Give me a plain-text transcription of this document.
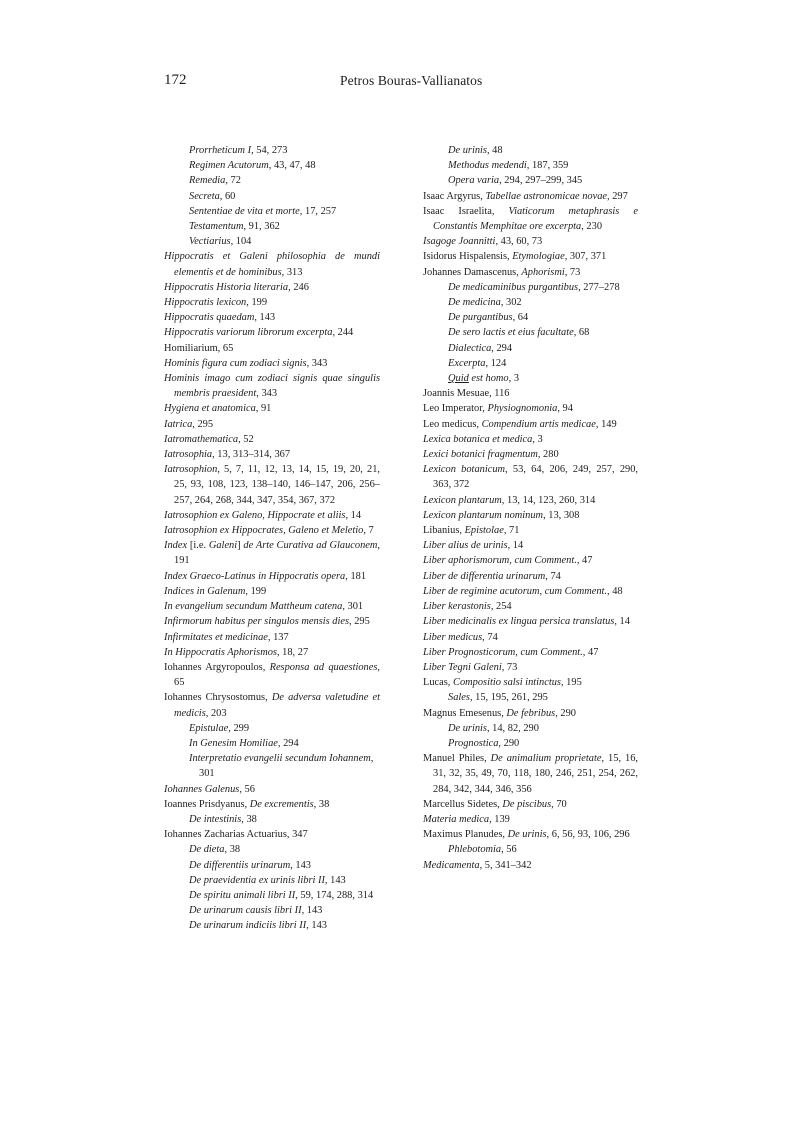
172	Petros Bouras-Vallianatos
Prorrheticum I, 54, 273
Regimen Acutorum, 43, 47, 48
Remedia, 72
Secreta, 60
Sententiae de vita et morte, 17, 257
Testamentum, 91, 362
Vectiarius, 104
Hippocratis et Galeni philosophia de mundi elementis et de hominibus, 313
Hippocratis Historia literaria, 246
Hippocratis lexicon, 199
Hippocratis quaedam, 143
Hippocratis variorum librorum excerpta, 244
Homiliarium, 65
Hominis figura cum zodiaci signis, 343
Hominis imago cum zodiaci signis quae singulis membris praesident, 343
Hygiena et anatomica, 91
Iatrica, 295
Iatromathematica, 52
Iatrosophia, 13, 313–314, 367
Iatrosophion, 5, 7, 11, 12, 13, 14, 15, 19, 20, 21, 25, 93, 108, 123, 138–140, 146–147, 206, 256–257, 264, 268, 344, 347, 354, 367, 372
Iatrosophion ex Galeno, Hippocrate et aliis, 14
Iatrosophion ex Hippocrates, Galeno et Meletio, 7
Index [i.e. Galeni] de Arte Curativa ad Glauconem, 191
Index Graeco-Latinus in Hippocratis opera, 181
Indices in Galenum, 199
In evangelium secundum Mattheum catena, 301
Infirmorum habitus per singulos mensis dies, 295
Infirmitates et medicinae, 137
In Hippocratis Aphorismos, 18, 27
Iohannes Argyropoulos, Responsa ad quaestiones, 65
Iohannes Chrysostomus, De adversa valetudine et medicis, 203
Epistulae, 299
In Genesim Homiliae, 294
Interpretatio evangelii secundum Iohannem, 301
Iohannes Galenus, 56
Ioannes Prisdyanus, De excrementis, 38
De intestinis, 38
Iohannes Zacharias Actuarius, 347
De dieta, 38
De differentiis urinarum, 143
De praevidentia ex urinis libri II, 143
De spiritu animali libri II, 59, 174, 288, 314
De urinarum causis libri II, 143
De urinarum indiciis libri II, 143
De urinis, 48
Methodus medendi, 187, 359
Opera varia, 294, 297–299, 345
Isaac Argyrus, Tabellae astronomicae novae, 297
Isaac Israelita, Viaticorum metaphrasis e Constantis Memphitae ore excerpta, 230
Isagoge Joannitti, 43, 60, 73
Isidorus Hispalensis, Etymologiae, 307, 371
Johannes Damascenus, Aphorismi, 73
De medicaminibus purgantibus, 277–278
De medicina, 302
De purgantibus, 64
De sero lactis et eius facultate, 68
Dialectica, 294
Excerpta, 124
Quid est homo, 3
Joannis Mesuae, 116
Leo Imperator, Physiognomonia, 94
Leo medicus, Compendium artis medicae, 149
Lexica botanica et medica, 3
Lexici botanici fragmentum, 280
Lexicon botanicum, 53, 64, 206, 249, 257, 290, 363, 372
Lexicon plantarum, 13, 14, 123, 260, 314
Lexicon plantarum nominum, 13, 308
Libanius, Epistolae, 71
Liber alius de urinis, 14
Liber aphorismorum, cum Comment., 47
Liber de differentia urinarum, 74
Liber de regimine acutorum, cum Comment., 48
Liber kerastonis, 254
Liber medicinalis ex lingua persica translatus, 14
Liber medicus, 74
Liber Prognosticorum, cum Comment., 47
Liber Tegni Galeni, 73
Lucas, Compositio salsi intinctus, 195
Sales, 15, 195, 261, 295
Magnus Emesenus, De febribus, 290
De urinis, 14, 82, 290
Prognostica, 290
Manuel Philes, De animalium proprietate, 15, 16, 31, 32, 35, 49, 70, 118, 180, 246, 251, 254, 262, 284, 342, 344, 346, 356
Marcellus Sidetes, De piscibus, 70
Materia medica, 139
Maximus Planudes, De urinis, 6, 56, 93, 106, 296
Phlebotomia, 56
Medicamenta, 5, 341–342
